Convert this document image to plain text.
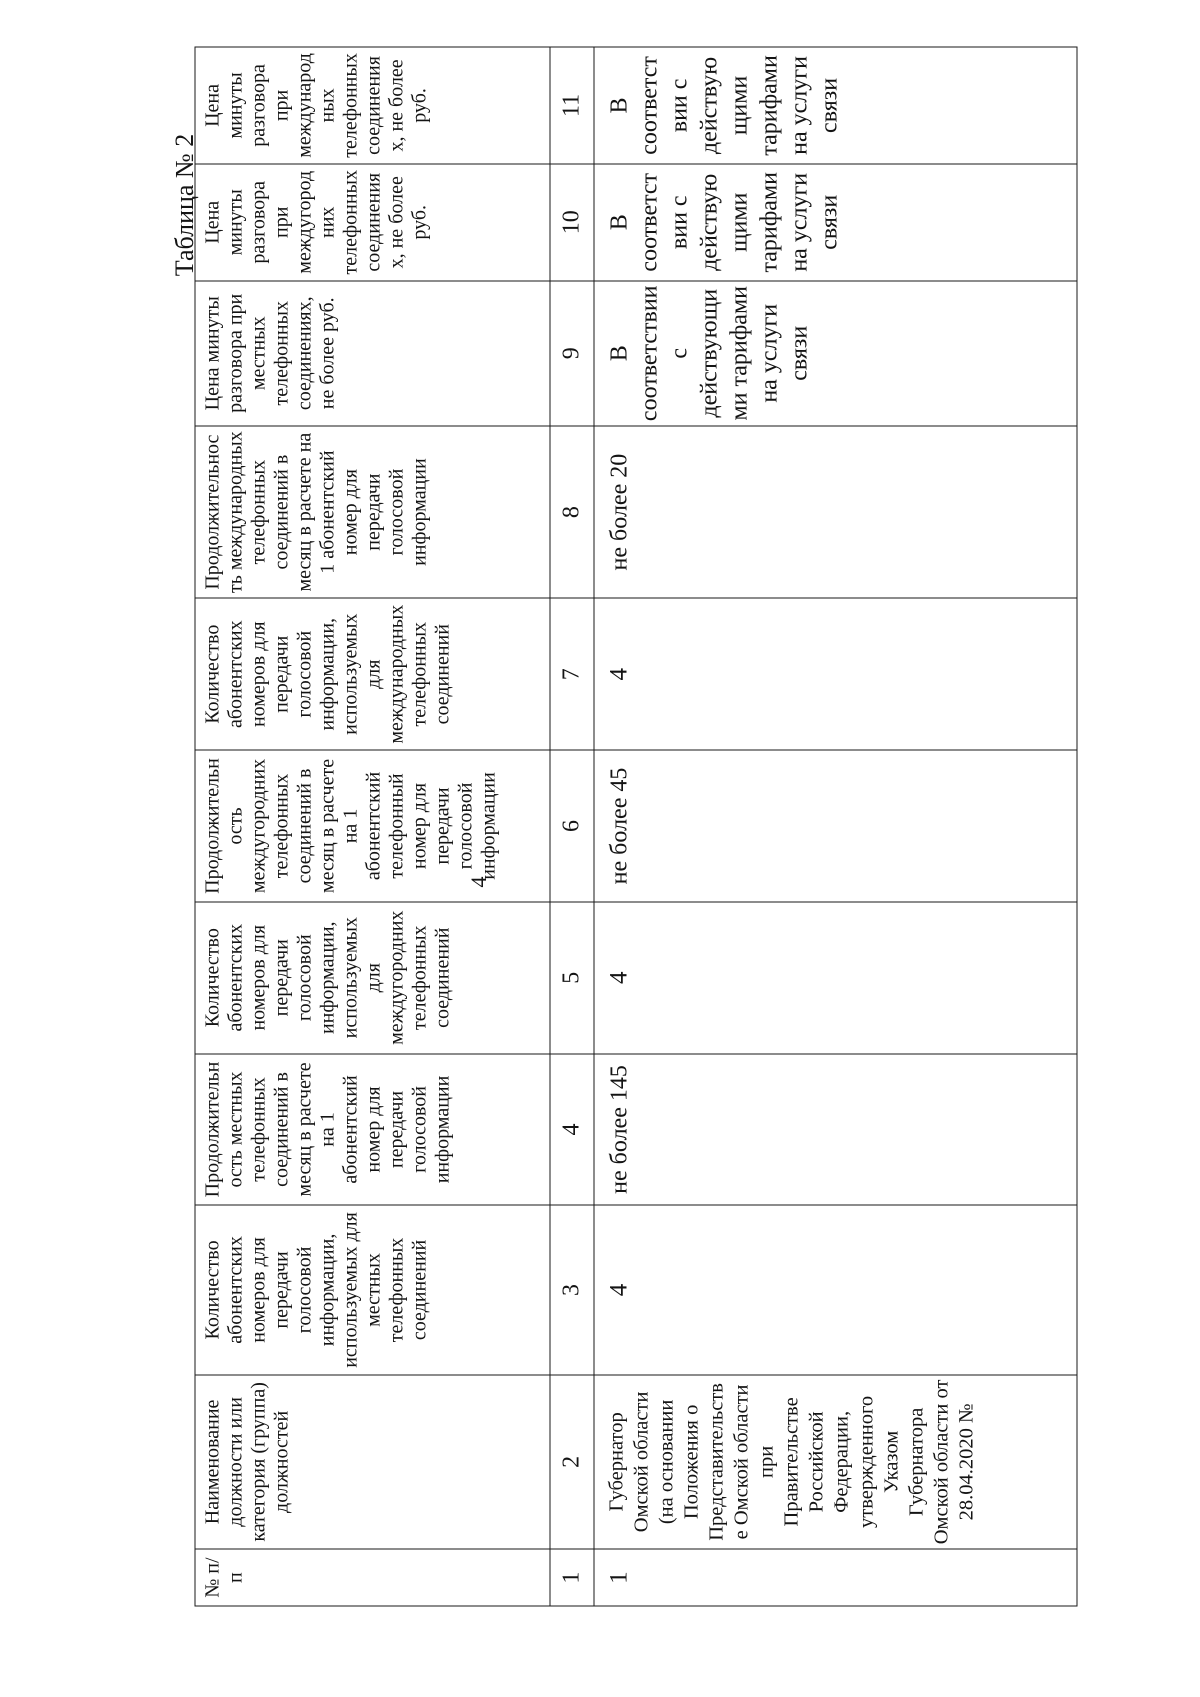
4
Таблица № 2
№ п/п	Наименование должности или категория (группа) должностей	Количество абонентских номеров для передачи голосовой информации, используемых для местных телефонных соединений	Продолжительность местных телефонных соединений в месяц в расчете на 1 абонентский номер для передачи голосовой информации	Количество абонентских номеров для передачи голосовой информации, используемых для междугородних телефонных соединений	Продолжительность междугородних телефонных соединений в месяц в расчете на 1 абонентский телефонный номер для передачи голосовой информации	Количество абонентских номеров для передачи голосовой информации, используемых для международных телефонных соединений	Продолжительность международных телефонных соединений в месяц в расчете на 1 абонентский номер для передачи голосовой информации	Цена минуты разговора при местных телефонных соединениях, не более руб.	Цена минуты разговора при междугородних телефонных соединениях, не более руб.	Цена минуты разговора при международных телефонных соединениях, не более руб.
1	2	3	4	5	6	7	8	9	10	11
1	Губернатор Омской области (на основании Положения о Представительстве Омской области при Правительстве Российской Федерации, утвержденного Указом Губернатора Омской области от 28.04.2020 №	4	не более 145	4	не более 45	4	не более 20	В соответствии с действующими тарифами на услуги связи	В соответствии с действующими тарифами на услуги связи	В соответствии с действующими тарифами на услуги связи
